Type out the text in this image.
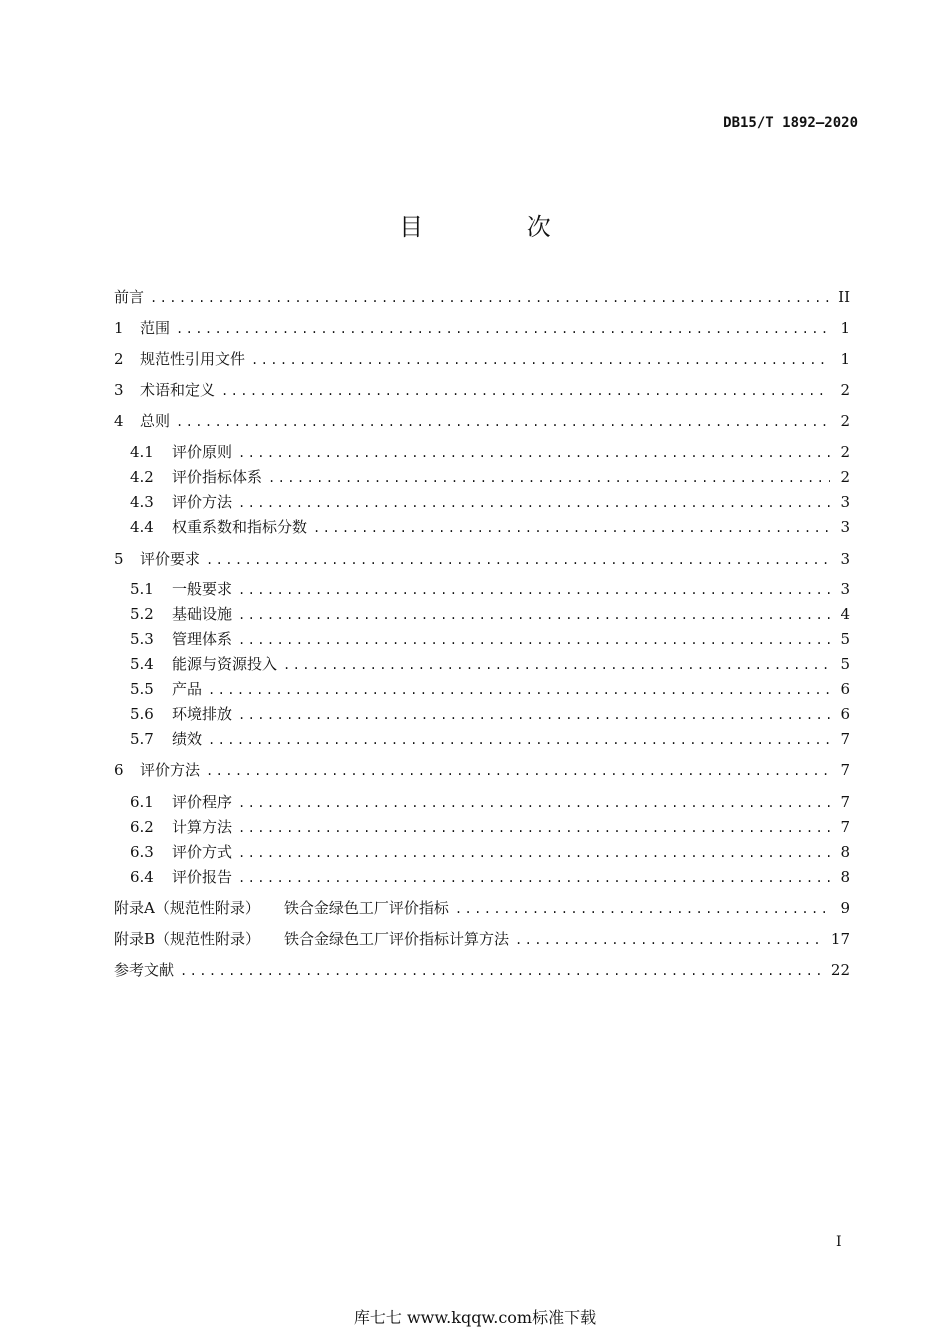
DB15/T 1892—2020
目 次
前言 .....	II
1	范围 .....	1
2	规范性引用文件 .....	1
3	术语和定义 .....	2
4	总则 .....	2
4.1	评价原则 .....	2
4.2	评价指标体系 .....	2
4.3	评价方法 .....	3
4.4	权重系数和指标分数 .....	3
5	评价要求 .....	3
5.1	一般要求 .....	3
5.2	基础设施 .....	4
5.3	管理体系 .....	5
5.4	能源与资源投入 .....	5
5.5	产品 .....	6
5.6	环境排放 .....	6
5.7	绩效 .....	7
6	评价方法 .....	7
6.1	评价程序 .....	7
6.2	计算方法 .....	7
6.3	评价方式 .....	8
6.4	评价报告 .....	8
附录A（规范性附录） 铁合金绿色工厂评价指标 .....	9
附录B（规范性附录） 铁合金绿色工厂评价指标计算方法 .....	17
参考文献 .....	22
I
库七七 www.kqqw.com标准下载
